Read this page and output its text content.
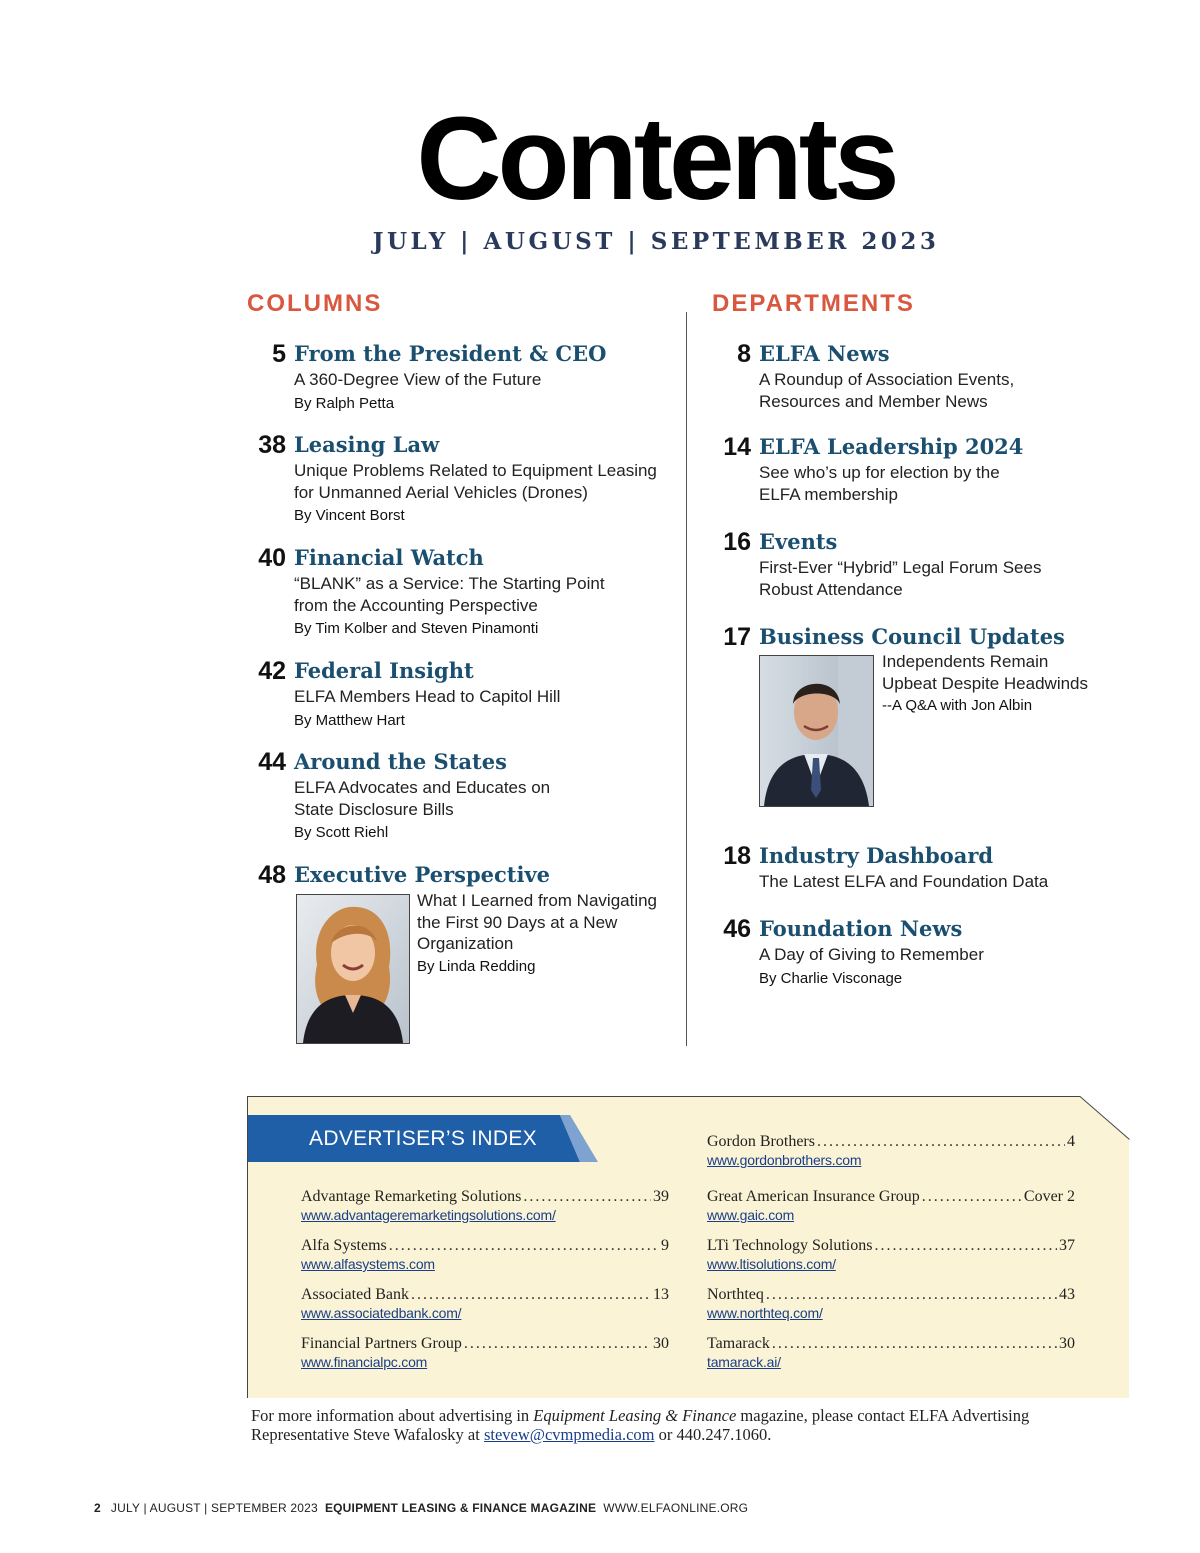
Contents
JULY | AUGUST | SEPTEMBER 2023
COLUMNS	DEPARTMENTS
5 From the President & CEO
A 360-Degree View of the Future
By Ralph Petta
38 Leasing Law
Unique Problems Related to Equipment Leasing
for Unmanned Aerial Vehicles (Drones)
By Vincent Borst
40 Financial Watch
“BLANK” as a Service: The Starting Point
from the Accounting Perspective
By Tim Kolber and Steven Pinamonti
42 Federal Insight
ELFA Members Head to Capitol Hill
By Matthew Hart
44 Around the States
ELFA Advocates and Educates on
State Disclosure Bills
By Scott Riehl
48 Executive Perspective
What I Learned from Navigating
the First 90 Days at a New
Organization
By Linda Redding
8 ELFA News
A Roundup of Association Events,
Resources and Member News
14 ELFA Leadership 2024
See who’s up for election by the
ELFA membership
16 Events
First-Ever “Hybrid” Legal Forum Sees
Robust Attendance
17 Business Council Updates
Independents Remain
Upbeat Despite Headwinds
--A Q&A with Jon Albin
18 Industry Dashboard
The Latest ELFA and Foundation Data
46 Foundation News
A Day of Giving to Remember
By Charlie Visconage
ADVERTISER’S INDEX
Advantage Remarketing Solutions . . .	39
www.advantageremarketingsolutions.com/
Alfa Systems . . .	9
www.alfasystems.com
Associated Bank . . .	13
www.associatedbank.com/
Financial Partners Group . . .	30
www.financialpc.com
Gordon Brothers . . .	4
www.gordonbrothers.com
Great American Insurance Group . . .	Cover 2
www.gaic.com
LTi Technology Solutions . . .	37
www.ltisolutions.com/
Northteq . . .	43
www.northteq.com/
Tamarack . . .	30
tamarack.ai/
For more information about advertising in Equipment Leasing & Finance magazine, please contact ELFA Advertising Representative Steve Wafalosky at stevew@cvmpmedia.com or 440.247.1060.
2 JULY | AUGUST | SEPTEMBER 2023 EQUIPMENT LEASING & FINANCE MAGAZINE WWW.ELFAONLINE.ORG
